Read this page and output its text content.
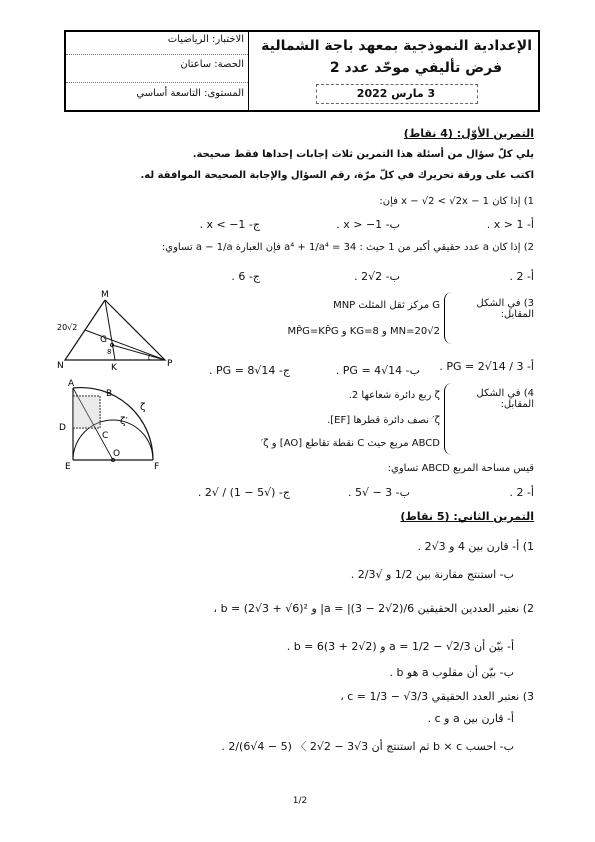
الاختبار: الرياضيات
الحصة: ساعتان
المستوى: التاسعة أساسي
الإعدادية النموذجية بمعهد باجة الشمالية
فرض تأليفي موحّد عدد 2
3 مارس 2022
التمرين الأوّل: (4 نقاط)
يلي كلّ سؤال من أسئلة هذا التمرين ثلاث إجابات إحداها فقط صحيحة.
اكتب على ورقة تحريرك في كلّ مرّة، رقم السؤال والإجابة الصحيحة الموافقة له.
1) إذا كان 1 − x − √2 < √2x فإن:
أ- x > 1 .
ب- x > −1 .
ج- x < −1 .
2) إذا كان a عدد حقيقي أكبر من 1 حيث : a⁴ + 1/a⁴ = 34 فإن العبارة a − 1/a تساوي:
أ- 2 .
ب- 2√2 .
ج- 6 .
3) في الشكل المقابل:
G مركز ثقل المثلث MNP
MN=20√2 و KG=8 و MP̂G=KP̂G
أ- PG = 2√14 / 3 .
ب- PG = 4√14 .
ج- PG = 8√14 .
M
N	K	P
G
20√2
8
4) في الشكل المقابل:
ζ ربع دائرة شعاعها 2.
ζ′ نصف دائرة قطرها [EF].
ABCD مربع حيث C نقطة تقاطع [AO] و ζ′
قيس مساحة المربع ABCD تساوي:
أ- 2 .
ب- 3 − √5 .
ج- (√5 − 1) / √2 .
A
B
C
D
E
O
F
ζ
ζ′
التمرين الثاني: (5 نقاط)
1) أ- قارن بين 4 و 3√2 .
ب- استنتج مقارنة بين 1/2 و √2/3 .
2) نعتبر العددين الحقيقين a = |(3 − 2√2)/6| و b = (2√3 + √6)² ،
أ- بيّن أن a = 1/2 − √2/3 و b = 6(3 + 2√2) .
ب- بيّن أن مقلوب a هو b .
3) نعتبر العدد الحقيقي c = 1/3 − √3/3 ،
أ- قارن بين a و c .
ب- احسب b × c ثم استنتج أن 3√3 − 2√2 〉 (5 − 4√6)/2 .
1/2
